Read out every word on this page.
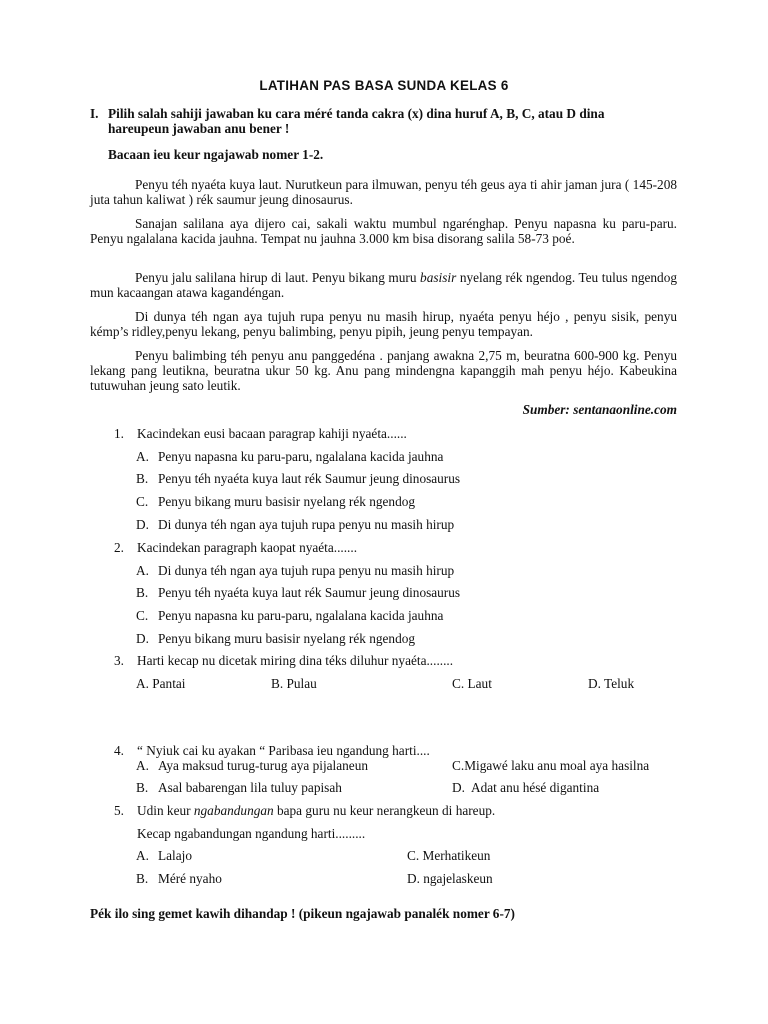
LATIHAN PAS BASA SUNDA KELAS 6
I. Pilih salah sahiji jawaban ku cara méré tanda cakra (x) dina huruf A, B, C, atau D dina
hareupeun jawaban anu bener !
Bacaan ieu keur ngajawab nomer 1-2.
Penyu téh nyaéta kuya laut. Nurutkeun para ilmuwan, penyu téh geus aya ti ahir jaman jura ( 145-208 juta tahun kaliwat ) rék saumur jeung dinosaurus.
Sanajan salilana aya dijero cai, sakali waktu mumbul ngarénghap. Penyu napasna ku paru-paru. Penyu ngalalana kacida jauhna. Tempat nu jauhna 3.000 km bisa disorang salila 58-73 poé.
Penyu jalu salilana hirup di laut. Penyu bikang muru basisir nyelang rék ngendog. Teu tulus ngendog mun kacaangan atawa kagandéngan.
Di dunya téh ngan aya tujuh rupa penyu nu masih hirup, nyaéta penyu héjo , penyu sisik, penyu kémp’s ridley,penyu lekang, penyu balimbing, penyu pipih, jeung penyu tempayan.
Penyu balimbing téh penyu anu panggedéna . panjang awakna 2,75 m, beuratna 600-900 kg. Penyu lekang pang leutikna, beuratna ukur 50 kg. Anu pang mindengna kapanggih mah penyu héjo. Kabeukina tutuwuhan jeung sato leutik.
Sumber: sentanaonline.com
1. Kacindekan eusi bacaan paragrap kahiji nyaéta......
A. Penyu napasna ku paru-paru, ngalalana kacida jauhna
B. Penyu téh nyaéta kuya laut rék Saumur jeung dinosaurus
C. Penyu bikang muru basisir nyelang rék ngendog
D. Di dunya téh ngan aya tujuh rupa penyu nu masih hirup
2. Kacindekan paragraph kaopat nyaéta.......
A. Di dunya téh ngan aya tujuh rupa penyu nu masih hirup
B. Penyu téh nyaéta kuya laut rék Saumur jeung dinosaurus
C. Penyu napasna ku paru-paru, ngalalana kacida jauhna
D. Penyu bikang muru basisir nyelang rék ngendog
3. Harti kecap nu dicetak miring dina téks diluhur nyaéta........
A. Pantai	B. Pulau	C. Laut	D. Teluk
4. “ Nyiuk cai ku ayakan “ Paribasa ieu ngandung harti....
A. Aya maksud turug-turug aya pijalaneun	C.Migawé laku anu moal aya hasilna
B. Asal babarengan lila tuluy papisah	D. Adat anu hésé digantina
5. Udin keur ngabandungan bapa guru nu keur nerangkeun di hareup.
Kecap ngabandungan ngandung harti.........
A. Lalajo	C. Merhatikeun
B. Méré nyaho	D. ngajelaskeun
Pék ilo sing gemet kawih dihandap ! (pikeun ngajawab panalék nomer 6-7)
